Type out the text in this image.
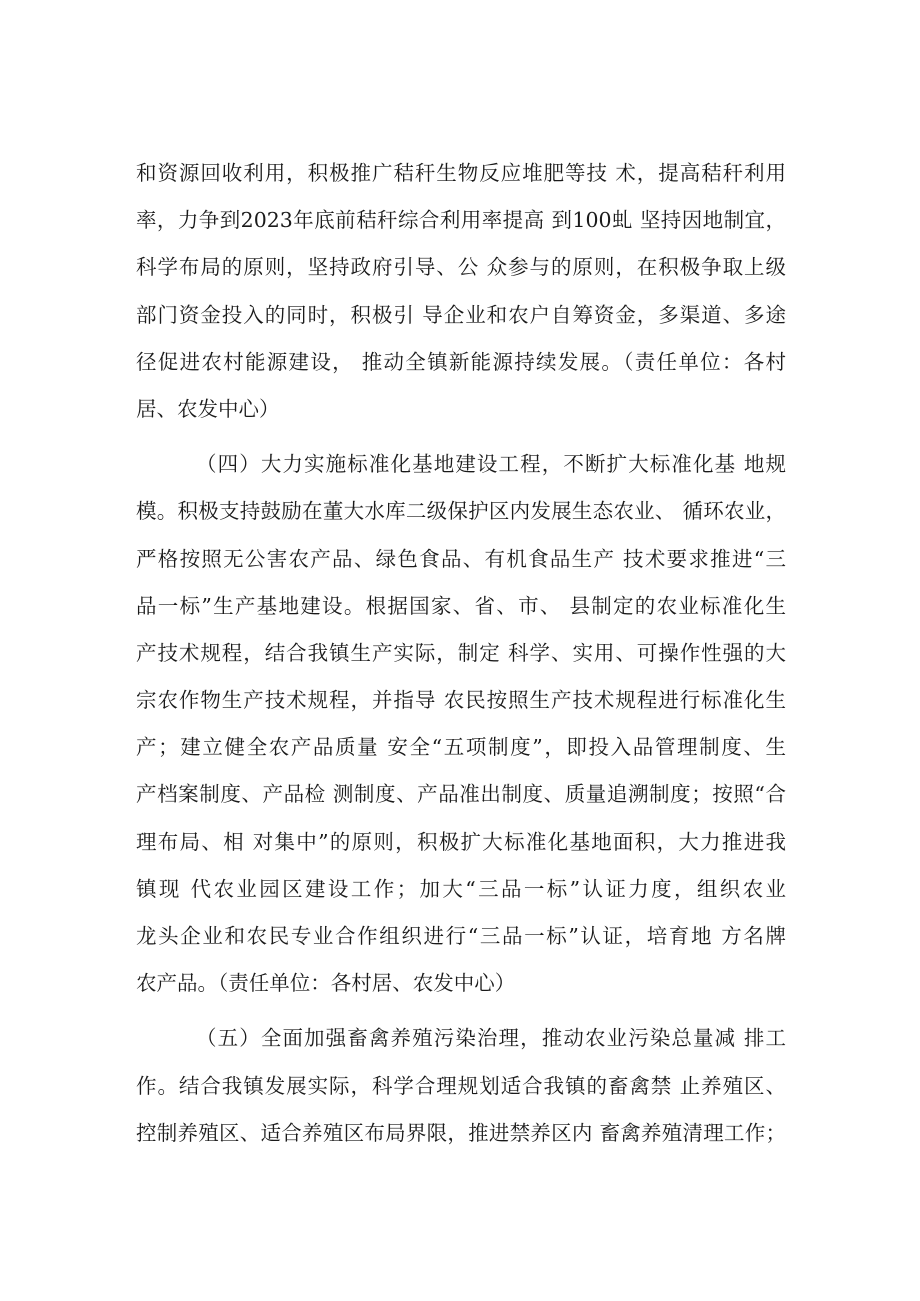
和资源回收利用，积极推广秸秆生物反应堆肥等技 术，提高秸秆利用
率，力争到2023年底前秸秆综合利用率提高 到100虬 坚持因地制宜，
科学布局的原则，坚持政府引导、公 众参与的原则，在积极争取上级
部门资金投入的同时，积极引 导企业和农户自筹资金，多渠道、多途
径促进农村能源建设， 推动全镇新能源持续发展。（责任单位：各村
居、农发中心）
（四）大力实施标准化基地建设工程，不断扩大标准化基 地规
模。积极支持鼓励在董大水库二级保护区内发展生态农业、 循环农业，
严格按照无公害农产品、绿色食品、有机食品生产 技术要求推进“三
品一标”生产基地建设。根据国家、省、市、 县制定的农业标准化生
产技术规程，结合我镇生产实际，制定 科学、实用、可操作性强的大
宗农作物生产技术规程，并指导 农民按照生产技术规程进行标准化生
产；建立健全农产品质量 安全“五项制度”，即投入品管理制度、生
产档案制度、产品检 测制度、产品准出制度、质量追溯制度；按照“合
理布局、相 对集中”的原则，积极扩大标准化基地面积，大力推进我
镇现 代农业园区建设工作；加大“三品一标”认证力度，组织农业
龙头企业和农民专业合作组织进行“三品一标”认证，培育地 方名牌
农产品。（责任单位：各村居、农发中心）
（五）全面加强畜禽养殖污染治理，推动农业污染总量减 排工
作。结合我镇发展实际，科学合理规划适合我镇的畜禽禁 止养殖区、
控制养殖区、适合养殖区布局界限，推进禁养区内 畜禽养殖清理工作；
